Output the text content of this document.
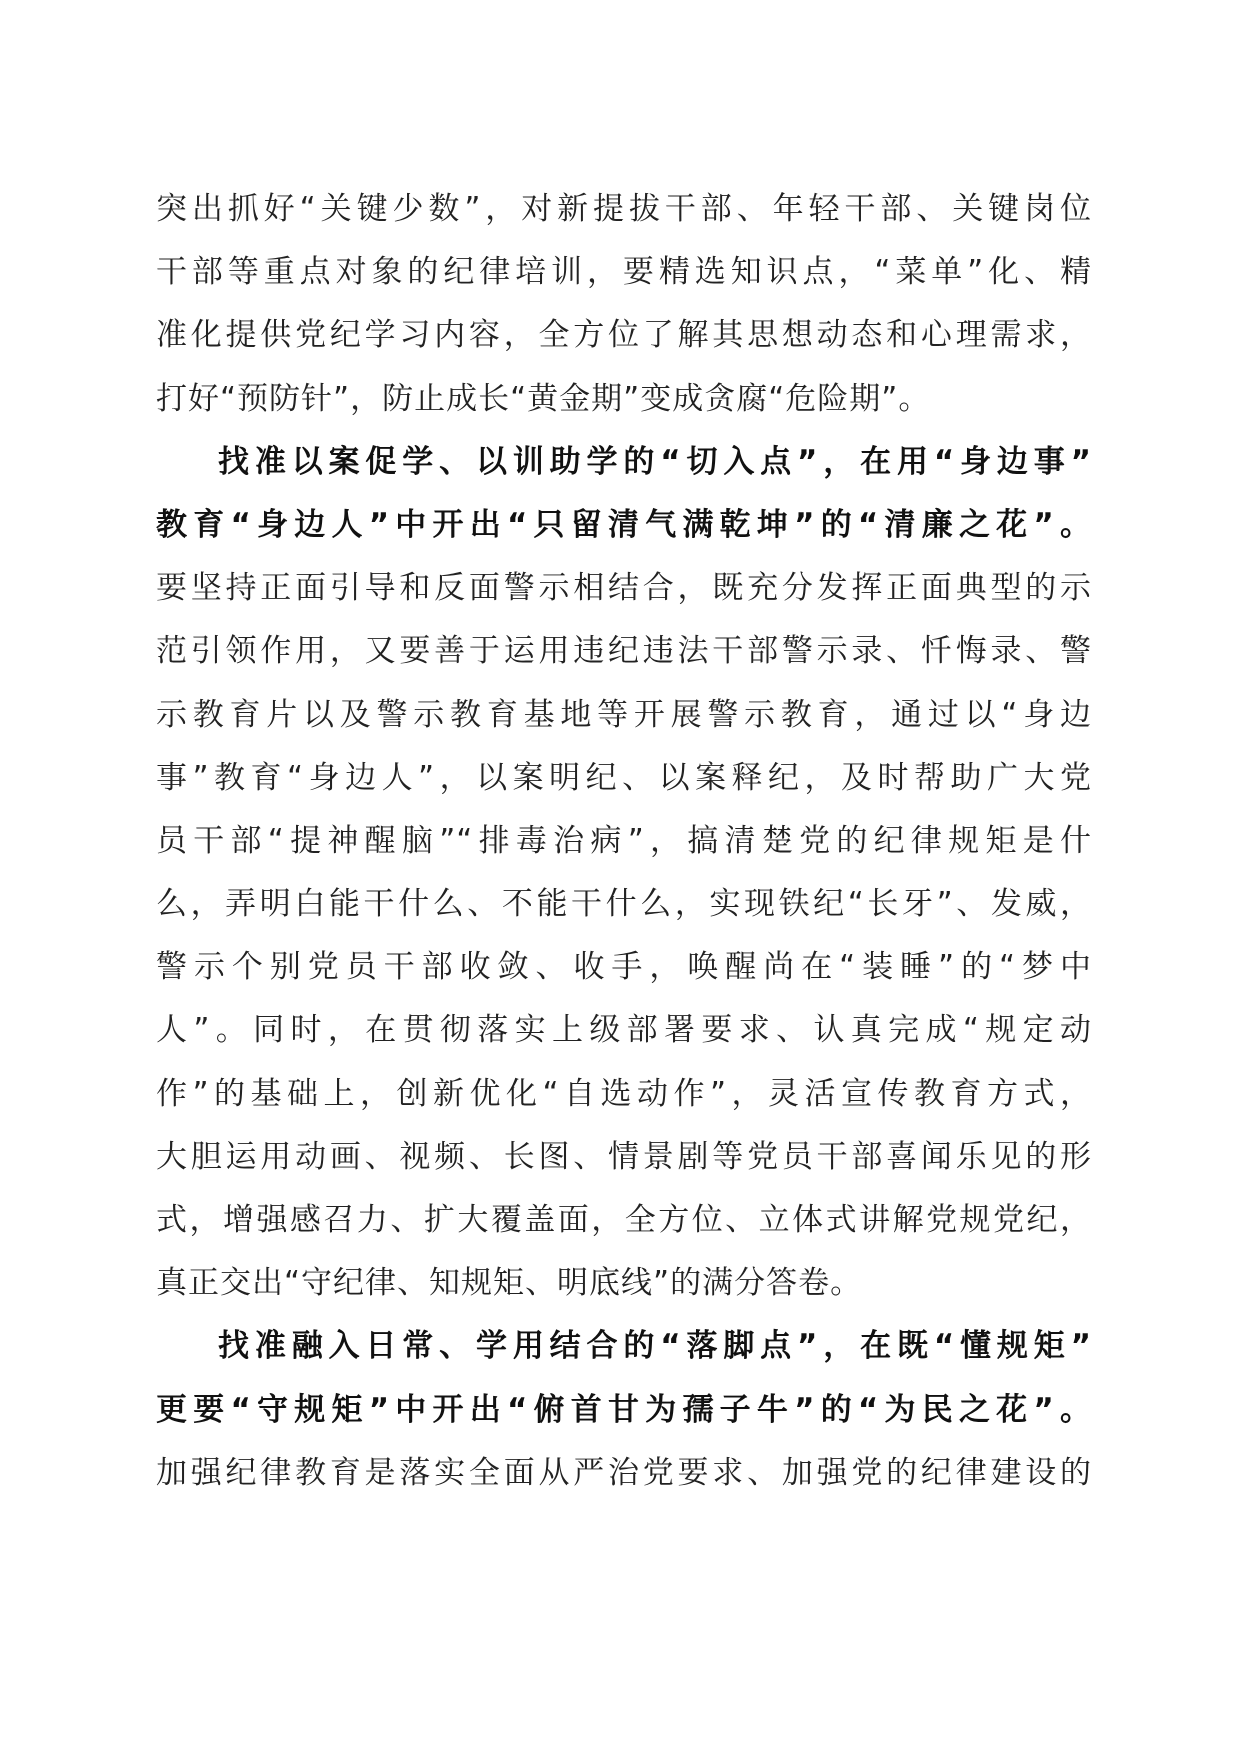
突出抓好“关键少数”，对新提拔干部、年轻干部、关键岗位
干部等重点对象的纪律培训，要精选知识点，“菜单”化、精
准化提供党纪学习内容，全方位了解其思想动态和心理需求，
打好“预防针”，防止成长“黄金期”变成贪腐“危险期”。
找准以案促学、以训助学的“切入点”，在用“身边事”
教育“身边人”中开出“只留清气满乾坤”的“清廉之花”。
要坚持正面引导和反面警示相结合，既充分发挥正面典型的示
范引领作用，又要善于运用违纪违法干部警示录、忏悔录、警
示教育片以及警示教育基地等开展警示教育，通过以“身边
事”教育“身边人”，以案明纪、以案释纪，及时帮助广大党
员干部“提神醒脑”“排毒治病”，搞清楚党的纪律规矩是什
么，弄明白能干什么、不能干什么，实现铁纪“长牙”、发威，
警示个别党员干部收敛、收手，唤醒尚在“装睡”的“梦中
人”。同时，在贯彻落实上级部署要求、认真完成“规定动
作”的基础上，创新优化“自选动作”，灵活宣传教育方式，
大胆运用动画、视频、长图、情景剧等党员干部喜闻乐见的形
式，增强感召力、扩大覆盖面，全方位、立体式讲解党规党纪，
真正交出“守纪律、知规矩、明底线”的满分答卷。
找准融入日常、学用结合的“落脚点”，在既“懂规矩”
更要“守规矩”中开出“俯首甘为孺子牛”的“为民之花”。
加强纪律教育是落实全面从严治党要求、加强党的纪律建设的
